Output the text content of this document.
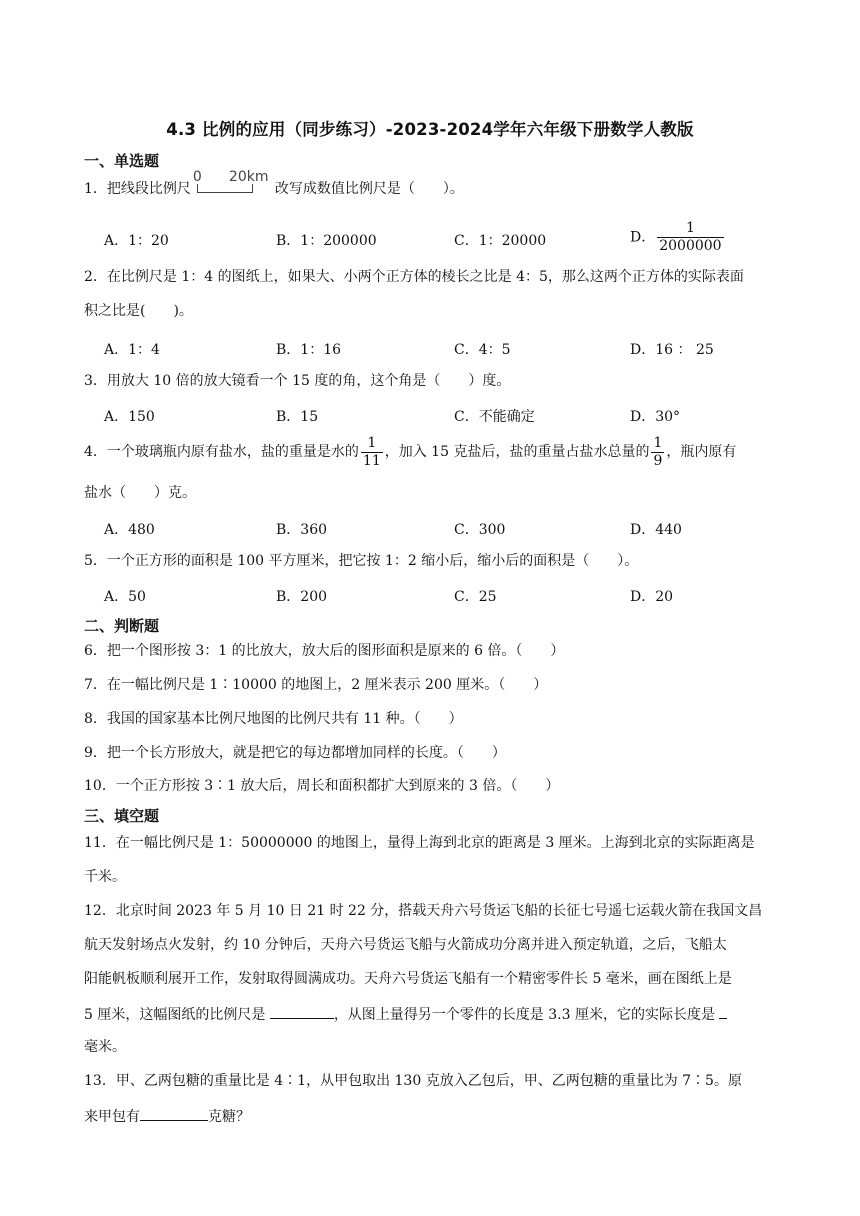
4.3 比例的应用（同步练习）-2023-2024学年六年级下册数学人教版
一、单选题
1．把线段比例尺
0 20km
改写成数值比例尺是（　　）。
A．1：20	B．1：200000	C．1：20000	D． $\frac{1}{2000000}$
2．在比例尺是 1：4 的图纸上，如果大、小两个正方体的棱长之比是 4：5，那么这两个正方体的实际表面
积之比是(　　)。
A．1：4	B．1：16	C．4：5	D．16 ： 25
3．用放大 10 倍的放大镜看一个 15 度的角，这个角是（　　）度。
A．150	B．15	C．不能确定	D．30°
4．一个玻璃瓶内原有盐水，盐的重量是水的 $\frac{1}{11}$ ，加入 15 克盐后，盐的重量占盐水总量的 $\frac{1}{9}$ ，瓶内原有
盐水（　　）克。
A．480	B．360	C．300	D．440
5．一个正方形的面积是 100 平方厘米，把它按 1：2 缩小后，缩小后的面积是（　　）。
A．50	B．200	C．25	D．20
二、判断题
6．把一个图形按 3：1 的比放大，放大后的图形面积是原来的 6 倍。（　　）
7．在一幅比例尺是 1∶10000 的地图上，2 厘米表示 200 厘米。（　　）
8．我国的国家基本比例尺地图的比例尺共有 11 种。（　　）
9．把一个长方形放大，就是把它的每边都增加同样的长度。（　　）
10．一个正方形按 3∶1 放大后，周长和面积都扩大到原来的 3 倍。（　　）
三、填空题
11．在一幅比例尺是 1：50000000 的地图上，量得上海到北京的距离是 3 厘米。上海到北京的实际距离是
千米。
12．北京时间 2023 年 5 月 10 日 21 时 22 分，搭载天舟六号货运飞船的长征七号遥七运载火箭在我国文昌
航天发射场点火发射，约 10 分钟后，天舟六号货运飞船与火箭成功分离并进入预定轨道，之后，飞船太
阳能帆板顺利展开工作，发射取得圆满成功。天舟六号货运飞船有一个精密零件长 5 毫米，画在图纸上是
5 厘米，这幅图纸的比例尺是	，从图上量得另一个零件的长度是 3.3 厘米，它的实际长度是
毫米。
13．甲、乙两包糖的重量比是 4∶1，从甲包取出 130 克放入乙包后，甲、乙两包糖的重量比为 7∶5。原
来甲包有	克糖？
